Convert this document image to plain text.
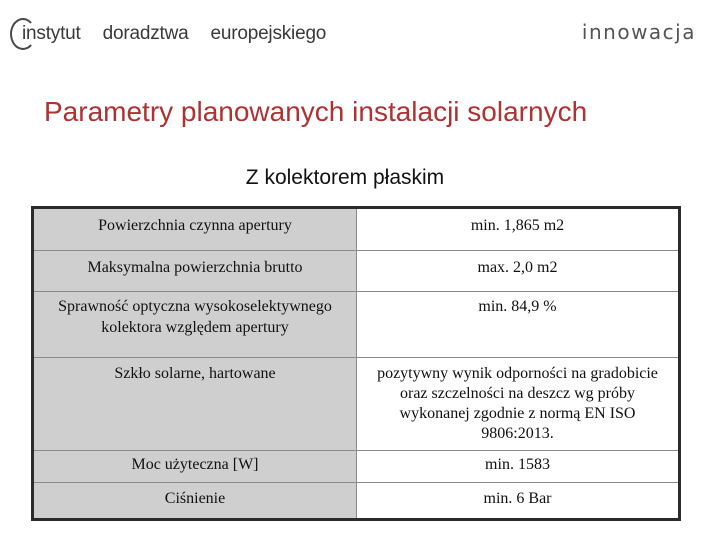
instytut doradztwa europejskiego	innowacja
Parametry planowanych instalacji solarnych
Z kolektorem płaskim
Powierzchnia czynna apertury	min. 1,865 m2
Maksymalna powierzchnia brutto	max. 2,0 m2
Sprawność optyczna wysokoselektywnego kolektora względem apertury	min. 84,9 %
Szkło solarne, hartowane	pozytywny wynik odporności na gradobicie oraz szczelności na deszcz wg próby wykonanej zgodnie z normą EN ISO 9806:2013.
Moc użyteczna [W]	min. 1583
Ciśnienie	min. 6 Bar
